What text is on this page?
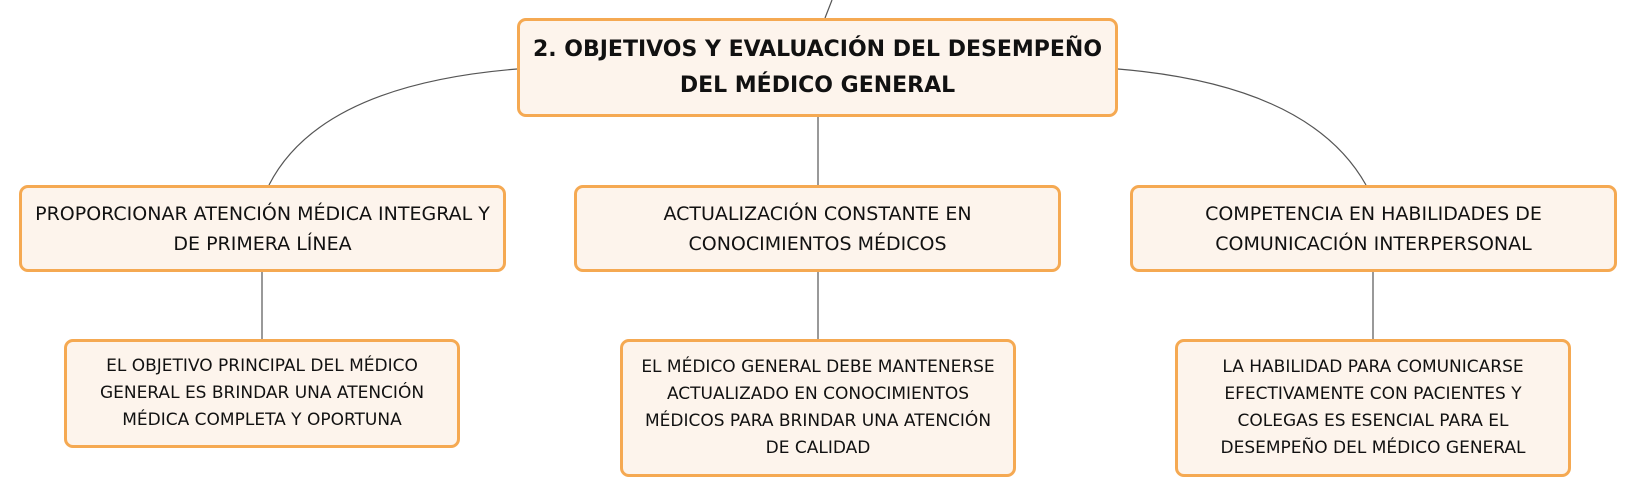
2. OBJETIVOS Y EVALUACIÓN DEL DESEMPEÑO DEL MÉDICO GENERAL
PROPORCIONAR ATENCIÓN MÉDICA INTEGRAL Y DE PRIMERA LÍNEA
ACTUALIZACIÓN CONSTANTE EN CONOCIMIENTOS MÉDICOS
COMPETENCIA EN HABILIDADES DE COMUNICACIÓN INTERPERSONAL
EL OBJETIVO PRINCIPAL DEL MÉDICO GENERAL ES BRINDAR UNA ATENCIÓN MÉDICA COMPLETA Y OPORTUNA
EL MÉDICO GENERAL DEBE MANTENERSE ACTUALIZADO EN CONOCIMIENTOS MÉDICOS PARA BRINDAR UNA ATENCIÓN DE CALIDAD
LA HABILIDAD PARA COMUNICARSE EFECTIVAMENTE CON PACIENTES Y COLEGAS ES ESENCIAL PARA EL DESEMPEÑO DEL MÉDICO GENERAL
